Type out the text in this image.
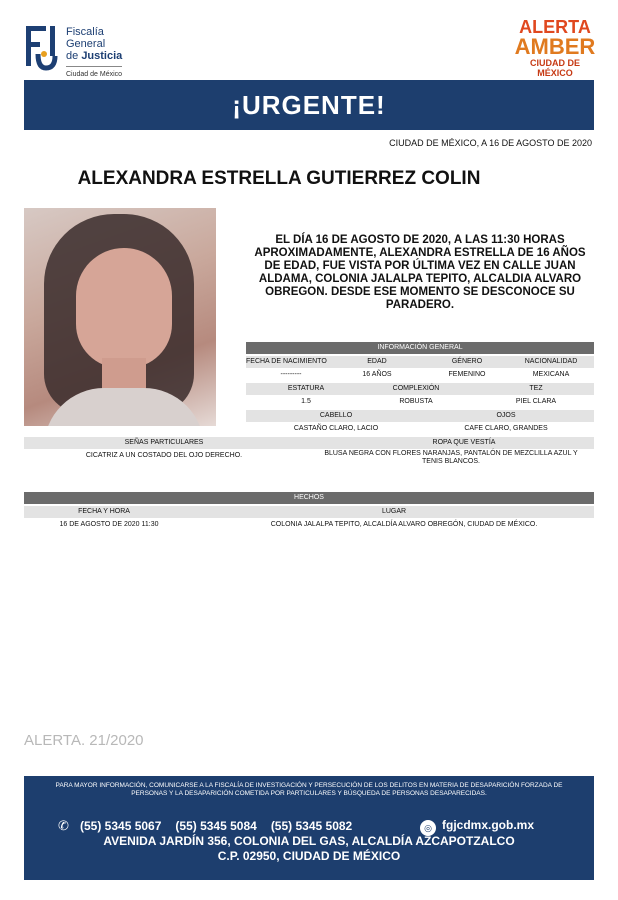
Fiscalía
General
de Justicia
Ciudad de México
ALERTA
AMBER
CIUDAD DE MÉXICO
¡URGENTE!
CIUDAD DE MÉXICO, A 16 DE AGOSTO DE 2020
ALEXANDRA ESTRELLA GUTIERREZ COLIN
EL DÍA 16 DE AGOSTO DE 2020, A LAS 11:30 HORAS APROXIMADAMENTE, ALEXANDRA ESTRELLA DE 16 AÑOS DE EDAD, FUE VISTA POR ÚLTIMA VEZ EN CALLE JUAN ALDAMA, COLONIA JALALPA TEPITO, ALCALDIA ALVARO OBREGON. DESDE ESE MOMENTO SE DESCONOCE SU PARADERO.
INFORMACIÓN GENERAL
FECHA DE NACIMIENTO	EDAD	GÉNERO	NACIONALIDAD
---------	16 AÑOS	FEMENINO	MEXICANA
ESTATURA	COMPLEXIÓN	TEZ
1.5	ROBUSTA	PIEL CLARA
CABELLO	OJOS
CASTAÑO CLARO, LACIO	CAFE CLARO, GRANDES
SEÑAS PARTICULARES	ROPA QUE VESTÍA
CICATRIZ A UN COSTADO DEL OJO DERECHO.	BLUSA NEGRA CON FLORES NARANJAS, PANTALÓN DE MEZCLILLA AZUL Y TENIS BLANCOS.
HECHOS
FECHA Y HORA	LUGAR
16 DE AGOSTO DE 2020 11:30	COLONIA JALALPA TEPITO, ALCALDÍA ALVARO OBREGÓN, CIUDAD DE MÉXICO.
ALERTA. 21/2020
PARA MAYOR INFORMACIÓN, COMUNICARSE A LA FISCALÍA DE INVESTIGACIÓN Y PERSECUCIÓN DE LOS DELITOS EN MATERIA DE DESAPARICIÓN FORZADA DE PERSONAS Y LA DESAPARICIÓN COMETIDA POR PARTICULARES Y BÚSQUEDA DE PERSONAS DESAPARECIDAS.
✆ (55) 5345 5067 (55) 5345 5084 (55) 5345 5082	◎ fgjcdmx.gob.mx
AVENIDA JARDÍN 356, COLONIA DEL GAS, ALCALDÍA AZCAPOTZALCO
C.P. 02950, CIUDAD DE MÉXICO
